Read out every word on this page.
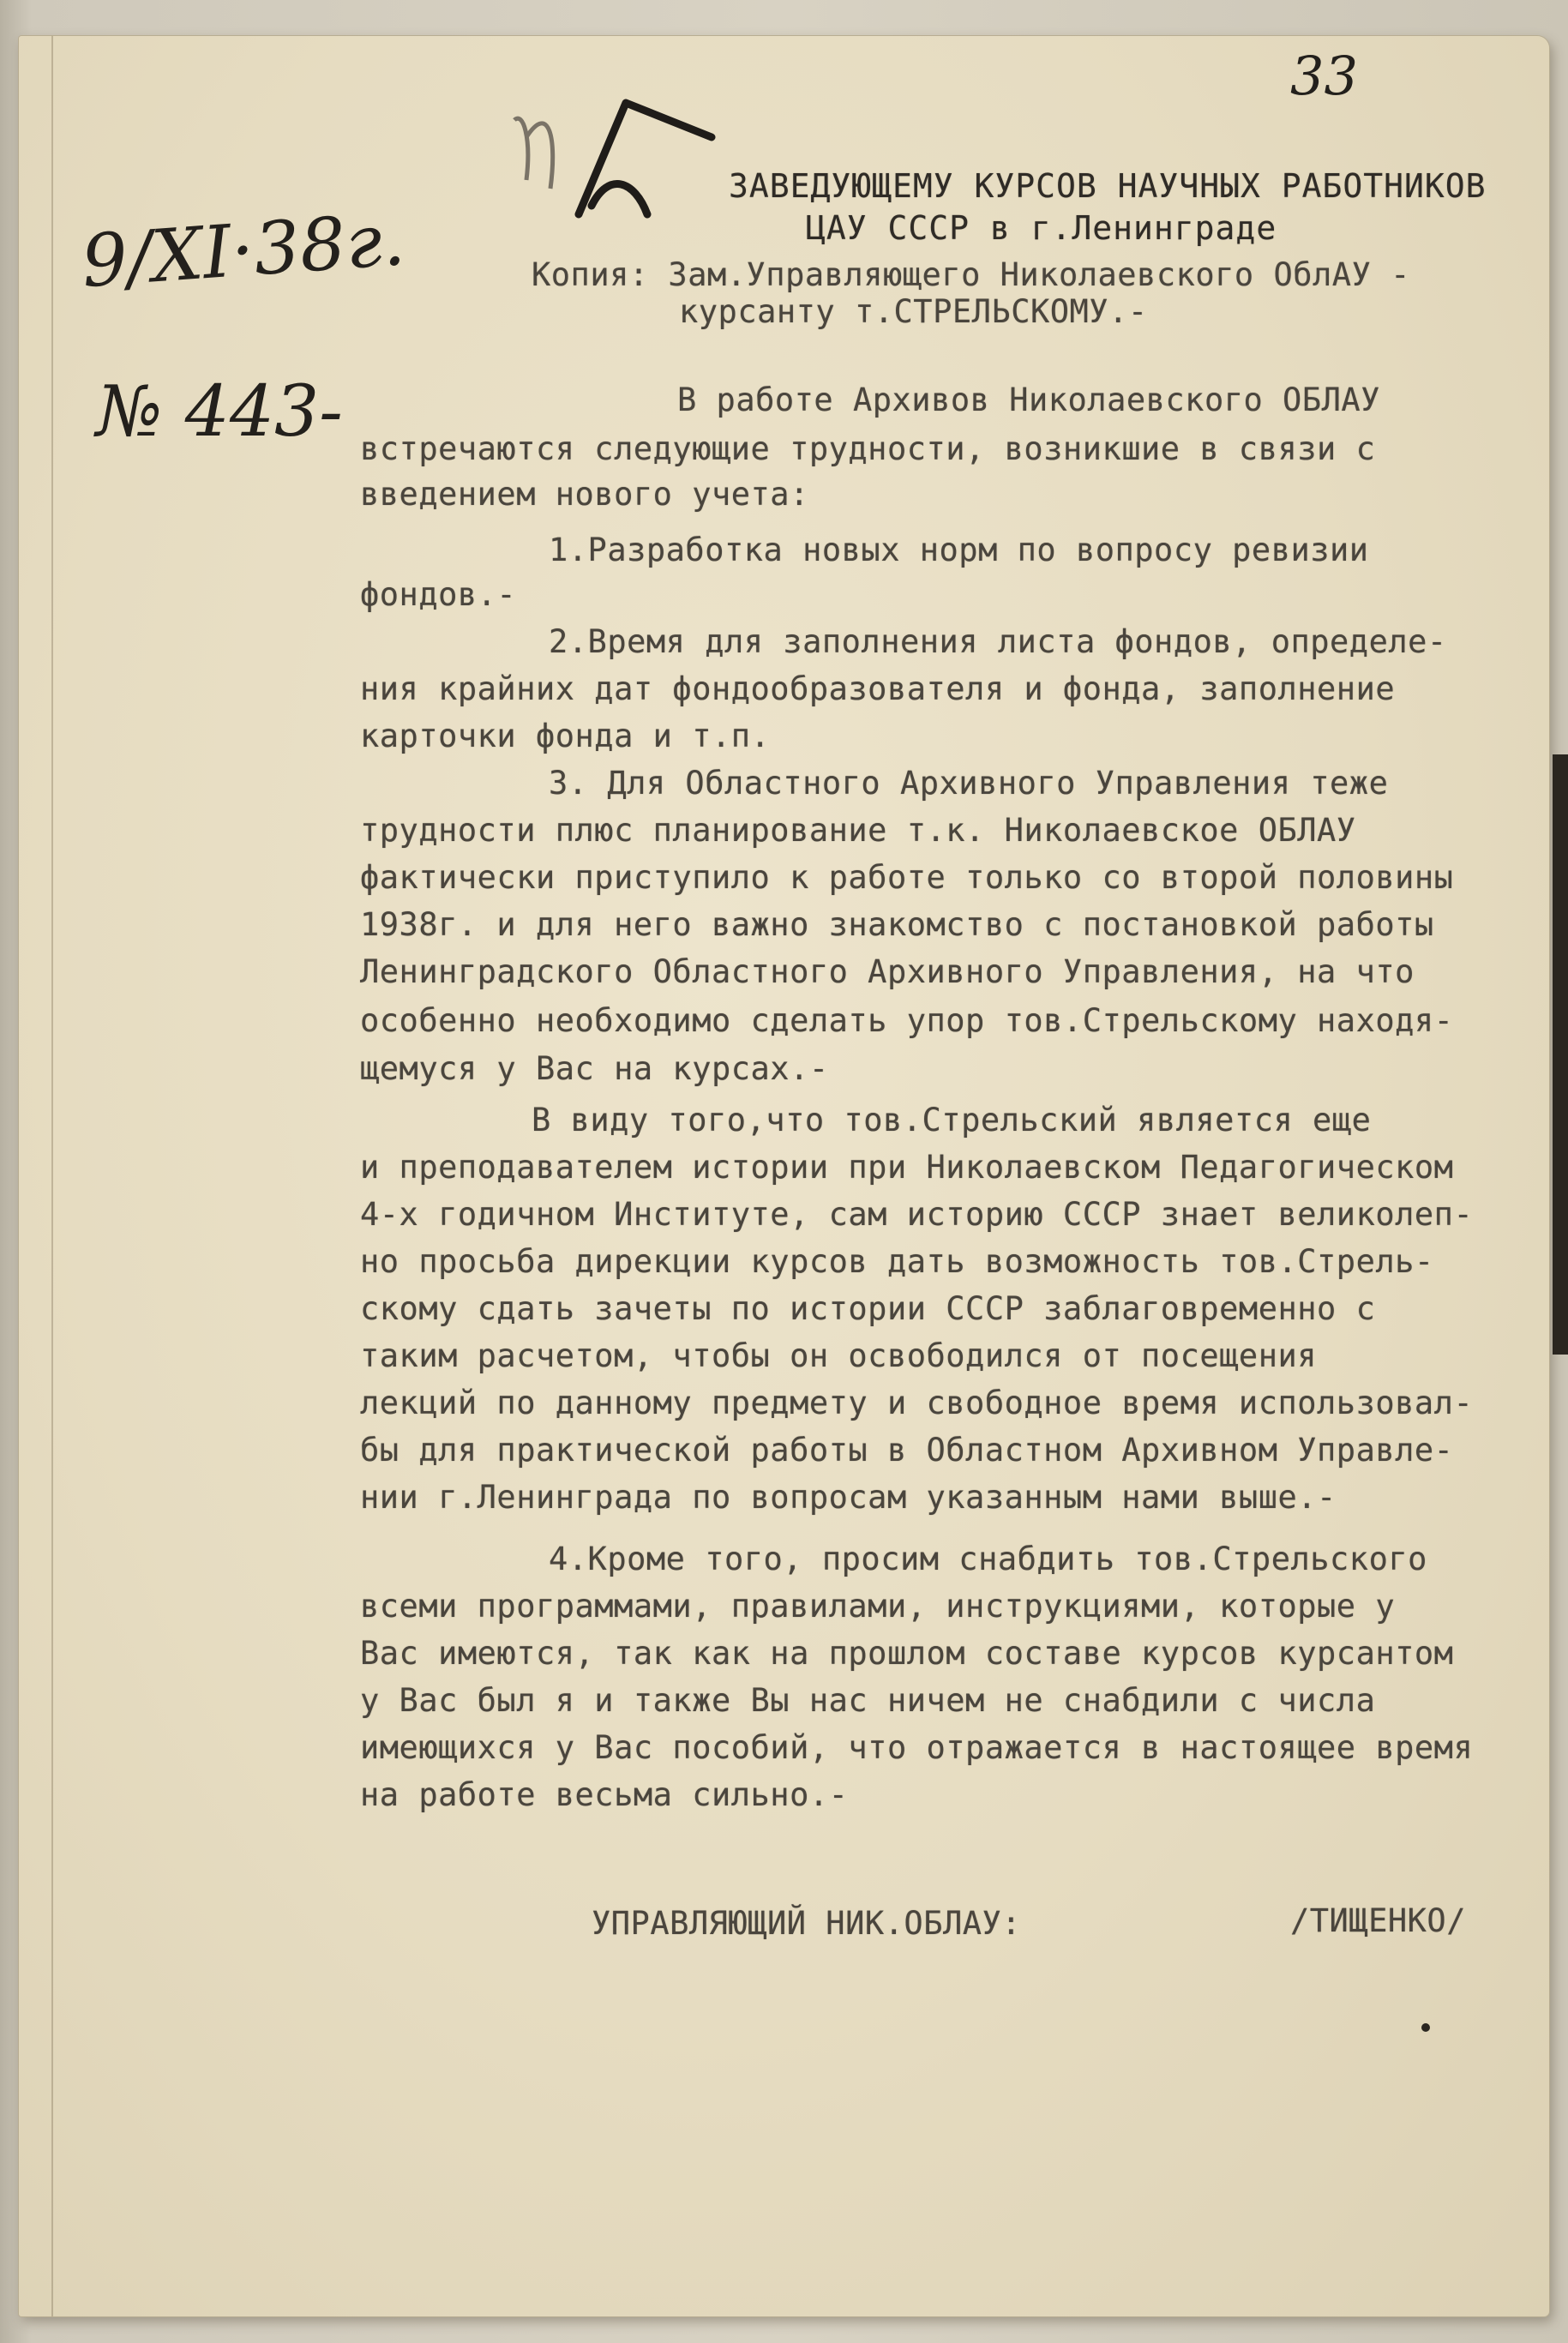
33
9/XI·38г.
№ 443-
ЗАВЕДУЮЩЕМУ КУРСОВ НАУЧНЫХ РАБОТНИКОВ
ЦАУ СССР в г.Ленинграде
Копия: Зам.Управляющего Николаевского ОблАУ -
курсанту т.СТРЕЛЬСКОМУ.-
В работе Архивов Николаевского ОБЛАУ
встречаются следующие трудности, возникшие в связи с
введением нового учета:
1.Разработка новых норм по вопросу ревизии
фондов.-
2.Время для заполнения листа фондов, определе-
ния крайних дат фондообразователя и фонда, заполнение
карточки фонда и т.п.
3. Для Областного Архивного Управления теже
трудности плюс планирование т.к. Николаевское ОБЛАУ
фактически приступило к работе только со второй половины
1938г. и для него важно знакомство с постановкой работы
Ленинградского Областного Архивного Управления, на что
особенно необходимо сделать упор тов.Стрельскому находя-
щемуся у Вас на курсах.-
В виду того,что тов.Стрельский является еще
и преподавателем истории при Николаевском Педагогическом
4-х годичном Институте, сам историю СССР знает великолеп-
но просьба дирекции курсов дать возможность тов.Стрель-
скому сдать зачеты по истории СССР заблаговременно с
таким расчетом, чтобы он освободился от посещения
лекций по данному предмету и свободное время использовал-
бы для практической работы в Областном Архивном Управле-
нии г.Ленинграда по вопросам указанным нами выше.-
4.Кроме того, просим снабдить тов.Стрельского
всеми программами, правилами, инструкциями, которые у
Вас имеются, так как на прошлом составе курсов курсантом
у Вас был я и также Вы нас ничем не снабдили с числа
имеющихся у Вас пособий, что отражается в настоящее время
на работе весьма сильно.-
УПРАВЛЯЮЩИЙ НИК.ОБЛАУ:	/ТИЩЕНКО/
